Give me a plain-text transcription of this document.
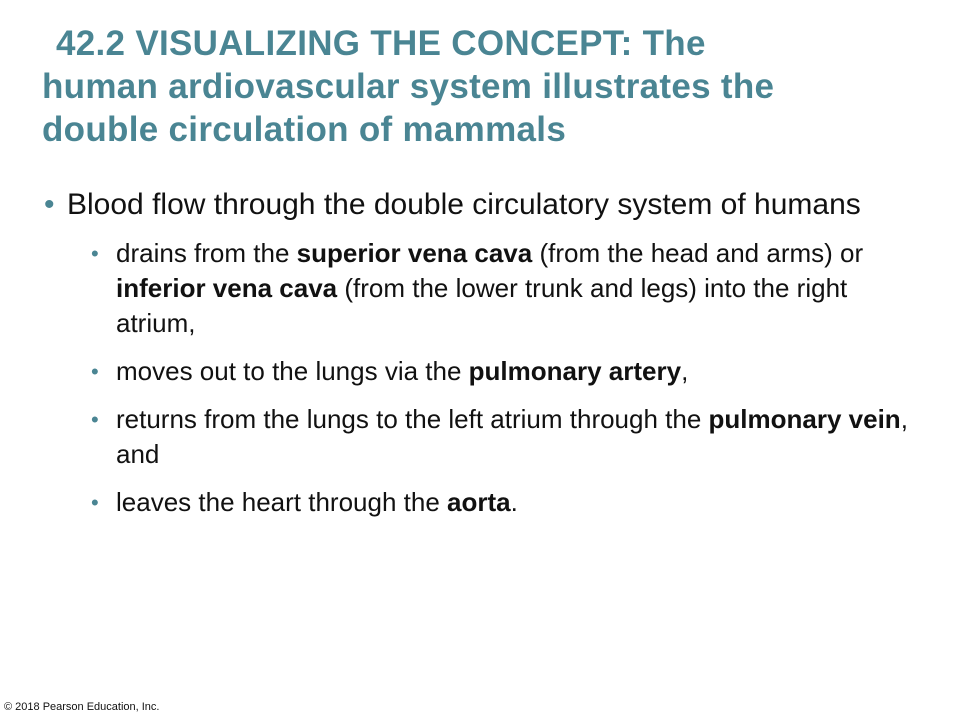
42.2 VISUALIZING THE CONCEPT: The
human ardiovascular system illustrates the
double circulation of mammals
• Blood flow through the double circulatory system of humans
• drains from the superior vena cava (from the head and arms) or inferior vena cava (from the lower trunk and legs) into the right atrium,
• moves out to the lungs via the pulmonary artery,
• returns from the lungs to the left atrium through the pulmonary vein, and
• leaves the heart through the aorta.
© 2018 Pearson Education, Inc.
